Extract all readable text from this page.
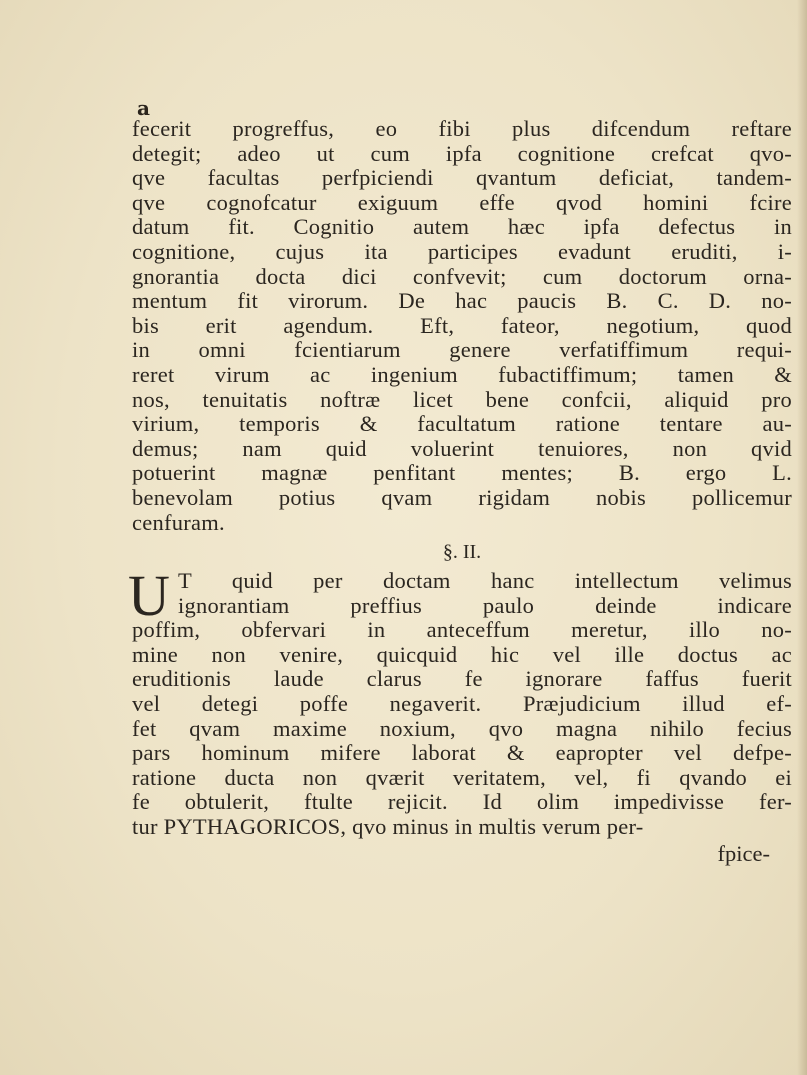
a
fecerit progreffus, eo fibi plus difcendum reftare
detegit; adeo ut cum ipfa cognitione crefcat qvo-
qve facultas perfpiciendi qvantum deficiat, tandem-
qve cognofcatur exiguum effe qvod homini fcire
datum fit. Cognitio autem hæc ipfa defectus in
cognitione, cujus ita participes evadunt eruditi, i-
gnorantia docta dici confvevit; cum doctorum orna-
mentum fit virorum. De hac paucis B. C. D. no-
bis erit agendum. Eft, fateor, negotium, quod
in omni fcientiarum genere verfatiffimum requi-
reret virum ac ingenium fubactiffimum; tamen &
nos, tenuitatis noftræ licet bene confcii, aliquid pro
virium, temporis & facultatum ratione tentare au-
demus; nam quid voluerint tenuiores, non qvid
potuerint magnæ penfitant mentes; B. ergo L.
benevolam potius qvam rigidam nobis pollicemur
cenfuram.
§. II.
U T quid per doctam hanc intellectum velimus
ignorantiam preffius paulo deinde indicare
poffim, obfervari in anteceffum meretur, illo no-
mine non venire, quicquid hic vel ille doctus ac
eruditionis laude clarus fe ignorare faffus fuerit
vel detegi poffe negaverit. Præjudicium illud ef-
fet qvam maxime noxium, qvo magna nihilo fecius
pars hominum mifere laborat & eapropter vel defpe-
ratione ducta non qværit veritatem, vel, fi qvando ei
fe obtulerit, ftulte rejicit. Id olim impedivisse fer-
tur PYTHAGORICOS, qvo minus in multis verum per-
fpice-
